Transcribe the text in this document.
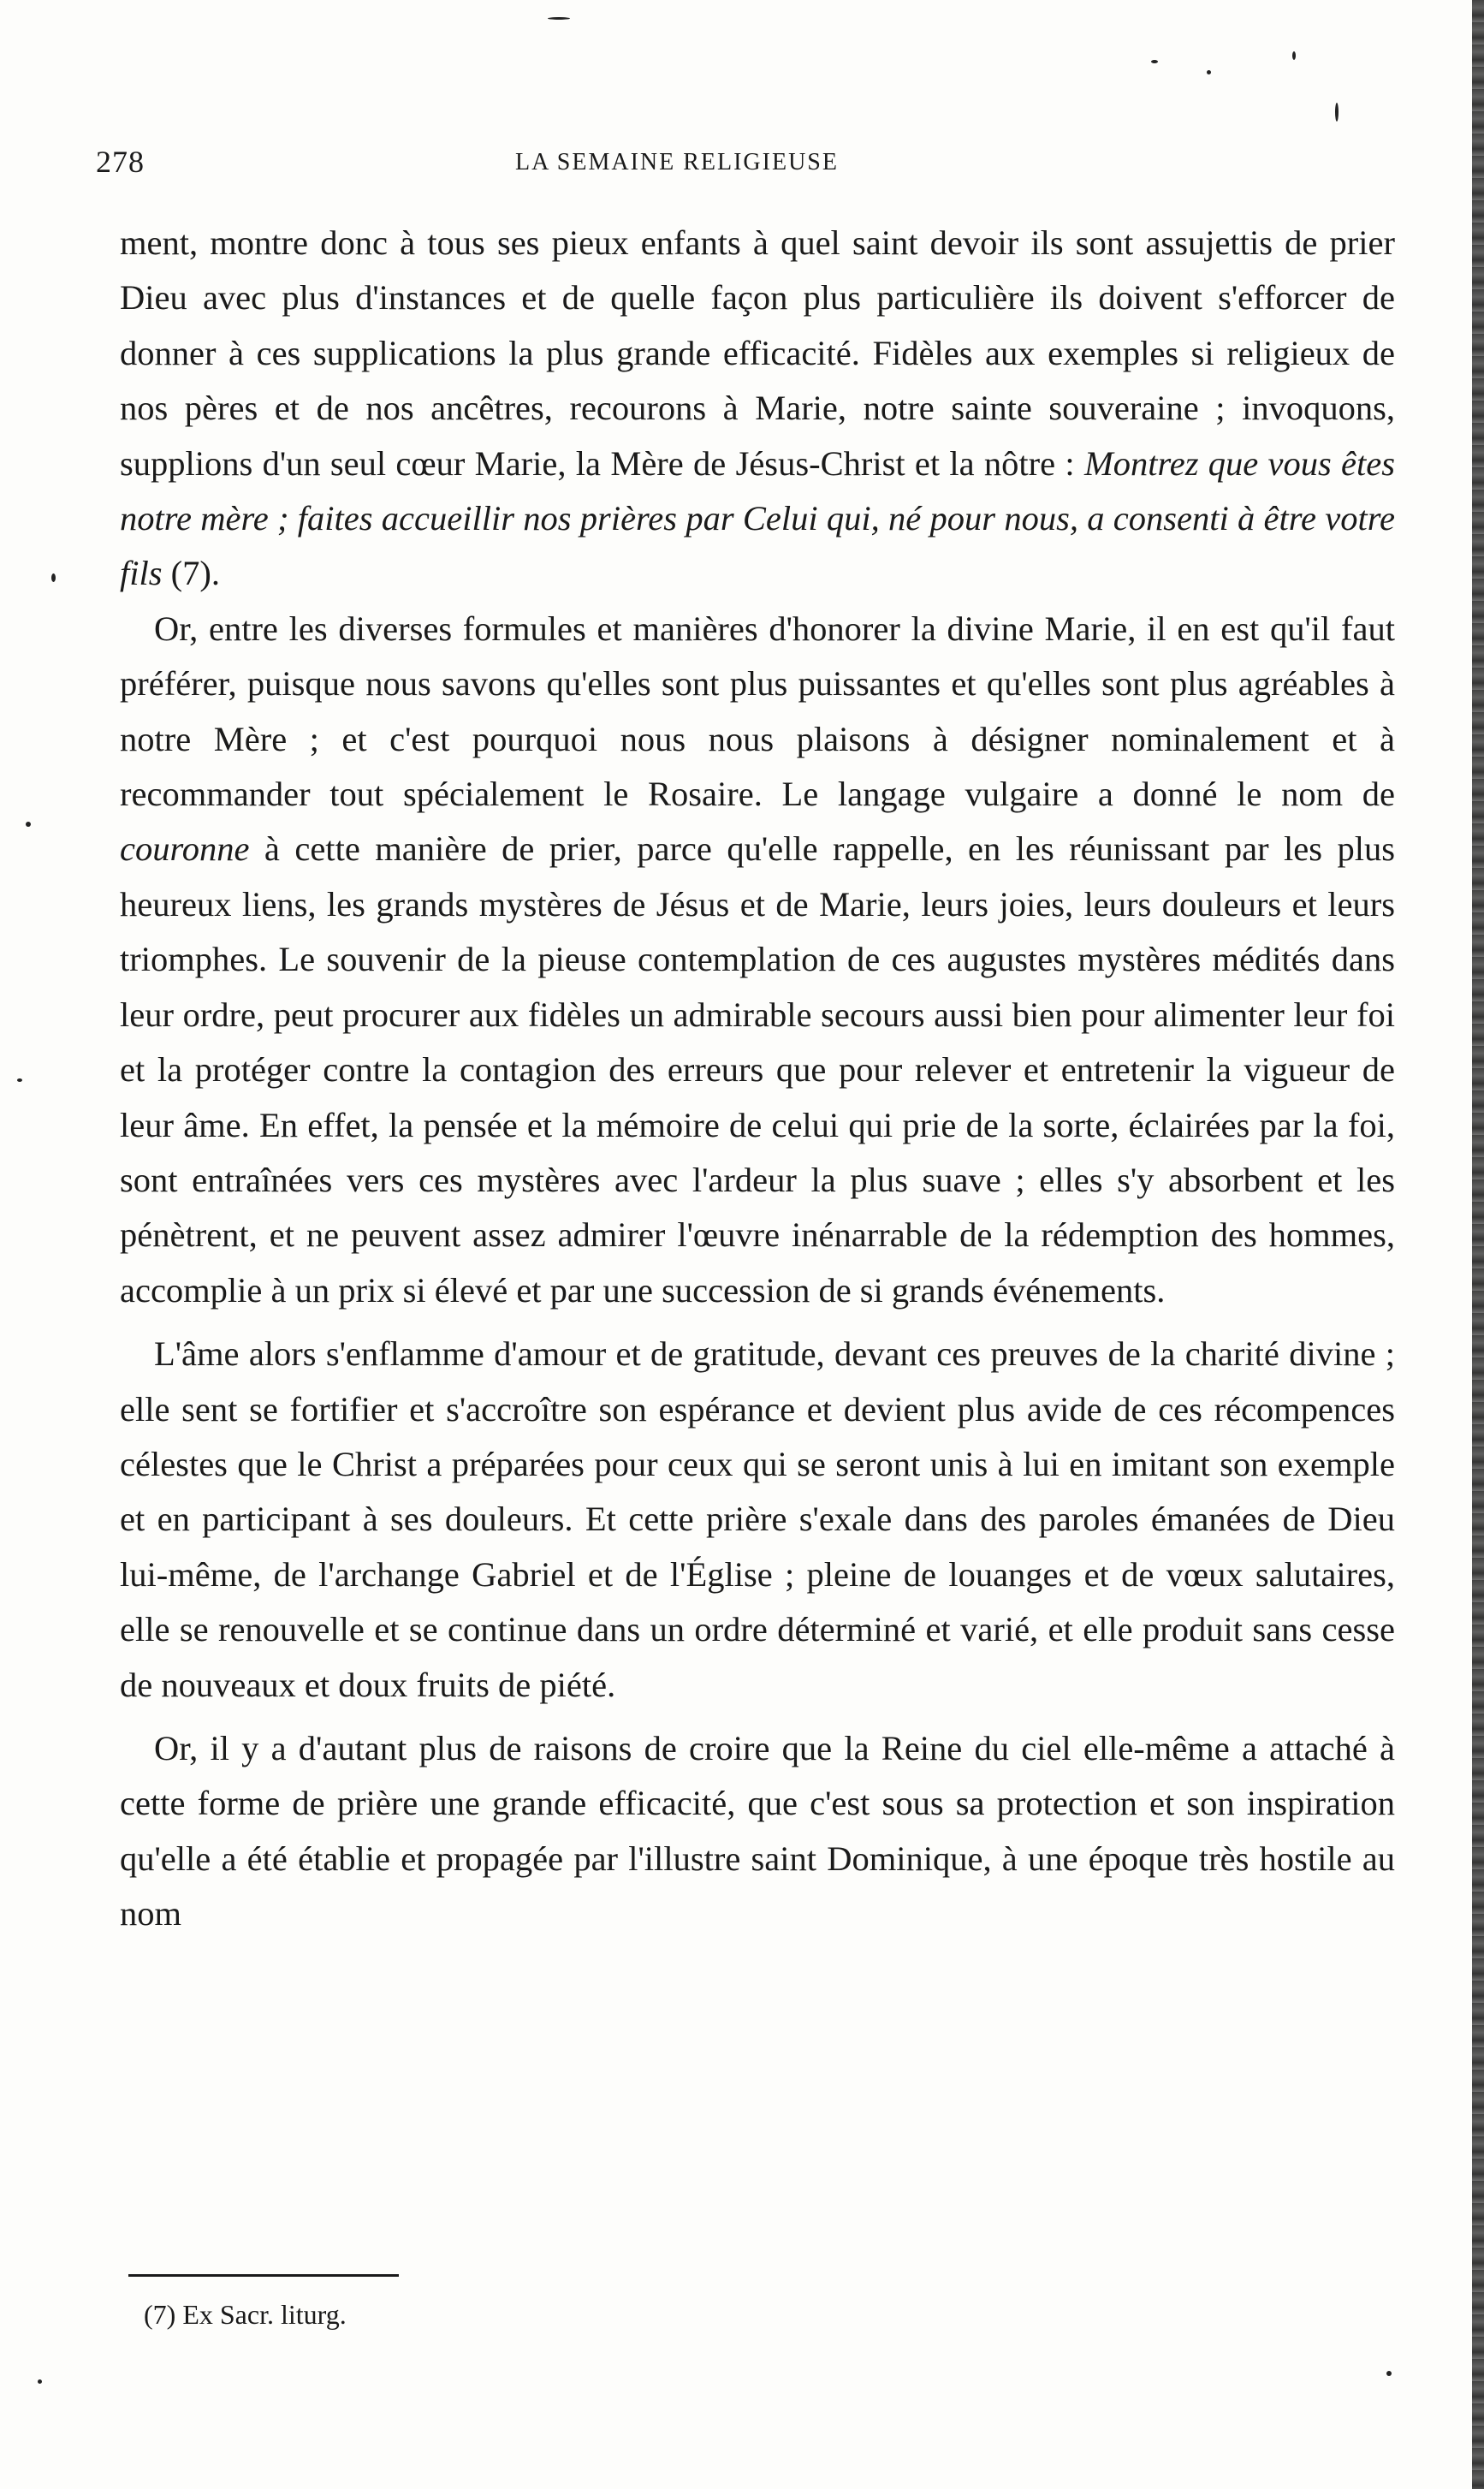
278	LA SEMAINE RELIGIEUSE

ment, montre donc à tous ses pieux enfants à quel saint devoir ils sont assujettis de prier Dieu avec plus d'instances et de quelle façon plus particulière ils doivent s'efforcer de donner à ces supplications la plus grande efficacité. Fidèles aux exemples si religieux de nos pères et de nos ancêtres, recourons à Marie, notre sainte souveraine ; invoquons, supplions d'un seul cœur Marie, la Mère de Jésus-Christ et la nôtre : Montrez que vous êtes notre mère ; faites accueillir nos prières par Celui qui, né pour nous, a consenti à être votre fils (7).

Or, entre les diverses formules et manières d'honorer la divine Marie, il en est qu'il faut préférer, puisque nous savons qu'elles sont plus puissantes et qu'elles sont plus agréables à notre Mère ; et c'est pourquoi nous nous plaisons à désigner nominalement et à recommander tout spécialement le Rosaire. Le langage vulgaire a donné le nom de couronne à cette manière de prier, parce qu'elle rappelle, en les réunissant par les plus heureux liens, les grands mystères de Jésus et de Marie, leurs joies, leurs douleurs et leurs triomphes. Le souvenir de la pieuse contemplation de ces augustes mystères médités dans leur ordre, peut procurer aux fidèles un admirable secours aussi bien pour alimenter leur foi et la protéger contre la contagion des erreurs que pour relever et entretenir la vigueur de leur âme. En effet, la pensée et la mémoire de celui qui prie de la sorte, éclairées par la foi, sont entraînées vers ces mystères avec l'ardeur la plus suave ; elles s'y absorbent et les pénètrent, et ne peuvent assez admirer l'œuvre inénarrable de la rédemption des hommes, accomplie à un prix si élevé et par une succession de si grands événements.

L'âme alors s'enflamme d'amour et de gratitude, devant ces preuves de la charité divine ; elle sent se fortifier et s'accroître son espérance et devient plus avide de ces récompences célestes que le Christ a préparées pour ceux qui se seront unis à lui en imitant son exemple et en participant à ses douleurs. Et cette prière s'exale dans des paroles émanées de Dieu lui-même, de l'archange Gabriel et de l'Église ; pleine de louanges et de vœux salutaires, elle se renouvelle et se continue dans un ordre déterminé et varié, et elle produit sans cesse de nouveaux et doux fruits de piété.

Or, il y a d'autant plus de raisons de croire que la Reine du ciel elle-même a attaché à cette forme de prière une grande efficacité, que c'est sous sa protection et son inspiration qu'elle a été établie et propagée par l'illustre saint Dominique, à une époque très hostile au nom

(7) Ex Sacr. liturg.
